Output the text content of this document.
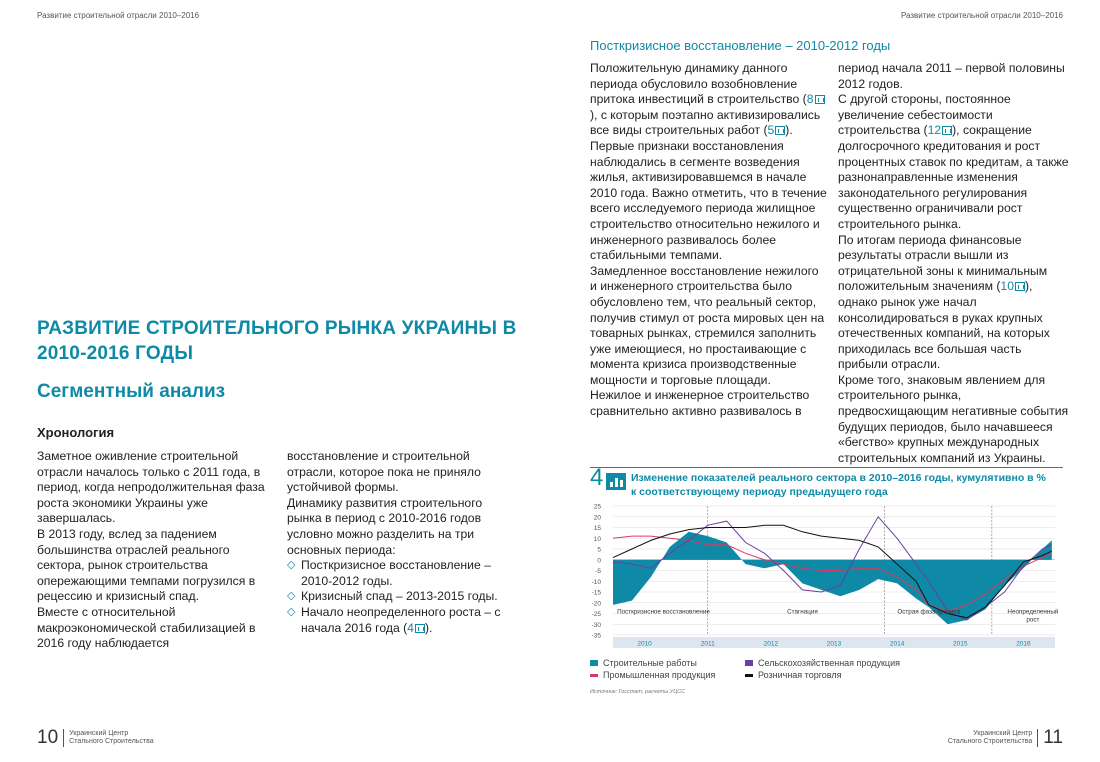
Развитие строительной отрасли 2010–2016
РАЗВИТИЕ СТРОИТЕЛЬНОГО РЫНКА УКРАИНЫ В 2010-2016 ГОДЫ
Сегментный анализ
Хронология

Заметное оживление строительной отрасли началось только с 2011 года, в период, когда непродолжительная фаза роста экономики Украины уже завершалась.

В 2013 году, вслед за падением большинства отраслей реального сектора, рынок строительства опережающими темпами погрузился в рецессию и кризисный спад.

Вместе с относительной макроэкономической стабилизацией в 2016 году наблюдается

восстановление и строительной отрасли, которое пока не приняло устойчивой формы.

Динамику развития строительного рынка в период с 2010-2016 годов условно можно разделить на три основных периода:

◇ Посткризисное восстановление – 2010-2012 годы.
◇ Кризисный спад – 2013-2015 годы.
◇ Начало неопределенного роста – с начала 2016 года (4 ).
10 Украинский Центр
Стального Строительства
Развитие строительной отрасли 2010–2016
Украинский Центр
Стального Строительства 11
Посткризисное восстановление – 2010-2012 годы

Положительную динамику данного периода обусловило возобновление притока инвестиций в строительство (8), с которым поэтапно активизировались все виды строительных работ (5 ).

Первые признаки восстановления наблюдались в сегменте возведения жилья, активизировавшемся в начале 2010 года. Важно отметить, что в течение всего исследуемого периода жилищное строительство относительно нежилого и инженерного развивалось более стабильными темпами.

Замедленное восстановление нежилого и инженерного строительства было обусловлено тем, что реальный сектор, получив стимул от роста мировых цен на товарных рынках, стремился заполнить уже имеющиеся, но простаивающие с момента кризиса производственные мощности и торговые площади.

Нежилое и инженерное строительство сравнительно активно развивалось в

период начала 2011 – первой половины 2012 годов.

С другой стороны, постоянное увеличение себестоимости строительства (12 ), сокращение долгосрочного кредитования и рост процентных ставок по кредитам, а также разнонаправленные изменения законодательного регулирования существенно ограничивали рост строительного рынка.

По итогам периода финансовые результаты отрасли вышли из отрицательной зоны к минимальным положительным значениям (10 ), однако рынок уже начал консолидироваться в руках крупных отечественных компаний, на которых приходилась все большая часть прибыли отрасли.

Кроме того, знаковым явлением для строительного рынка, предвосхищающим негативные события будущих периодов, было начавшееся «бегство» крупных международных строительных компаний из Украины.

4	Изменение показателей реального сектора в 2010–2016 годы, кумулятивно в % к соответствующему периоду предыдущего года
25
20
15
10
5
0
-5
-10
-15
-20
-25
-30
-35
Посткризисное восстановление	Стагнация	Острая фаза кризиса	Неопределенный
рост
2010	2011	2012	2013	2014	2015	2016
Строительные работы	Сельскохозяйственная продукция
Промышленная продукция	Розничная торговля
Источник: Госстат, расчеты УЦСС
